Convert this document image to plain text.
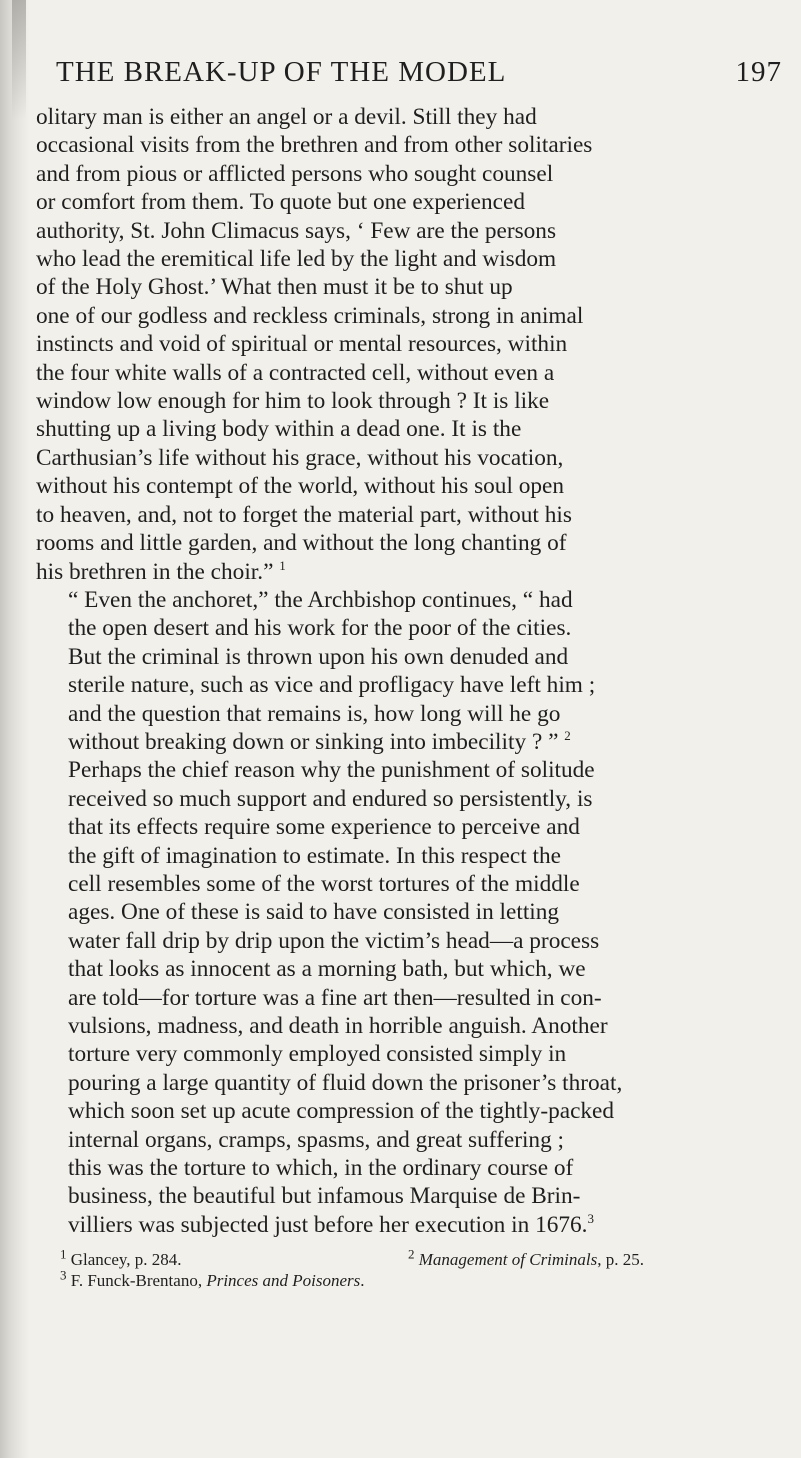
THE BREAK-UP OF THE MODEL	197

olitary man is either an angel or a devil. Still they had
occasional visits from the brethren and from other solitaries
and from pious or afflicted persons who sought counsel
or comfort from them. To quote but one experienced
authority, St. John Climacus says, ‘ Few are the persons
who lead the eremitical life led by the light and wisdom
of the Holy Ghost.’ What then must it be to shut up
one of our godless and reckless criminals, strong in animal
instincts and void of spiritual or mental resources, within
the four white walls of a contracted cell, without even a
window low enough for him to look through ? It is like
shutting up a living body within a dead one. It is the
Carthusian’s life without his grace, without his vocation,
without his contempt of the world, without his soul open
to heaven, and, not to forget the material part, without his
rooms and little garden, and without the long chanting of
his brethren in the choir.” $^1$

“ Even the anchoret,” the Archbishop continues, “ had
the open desert and his work for the poor of the cities.
But the criminal is thrown upon his own denuded and
sterile nature, such as vice and profligacy have left him ;
and the question that remains is, how long will he go
without breaking down or sinking into imbecility ? ” $^2$

Perhaps the chief reason why the punishment of solitude
received so much support and endured so persistently, is
that its effects require some experience to perceive and
the gift of imagination to estimate. In this respect the
cell resembles some of the worst tortures of the middle
ages. One of these is said to have consisted in letting
water fall drip by drip upon the victim’s head—a process
that looks as innocent as a morning bath, but which, we
are told—for torture was a fine art then—resulted in con-
vulsions, madness, and death in horrible anguish. Another
torture very commonly employed consisted simply in
pouring a large quantity of fluid down the prisoner’s throat,
which soon set up acute compression of the tightly-packed
internal organs, cramps, spasms, and great suffering ;
this was the torture to which, in the ordinary course of
business, the beautiful but infamous Marquise de Brin-
villiers was subjected just before her execution in 1676.$^3$

$^1$ Glancey, p. 284.	$^2$ Management of Criminals, p. 25.
$^3$ F. Funck-Brentano, Princes and Poisoners.
